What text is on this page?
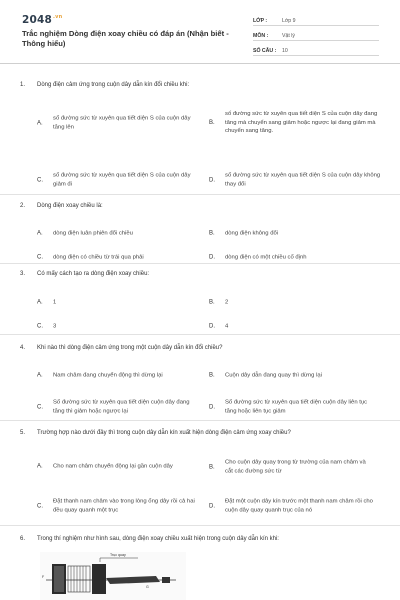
$2048^{.vn}$
Trắc nghiệm Dòng điện xoay chiều có đáp án (Nhận biết - Thông hiểu)
LỚP :	Lớp 9
MÔN :	Vật lý
SỐ CÂU :	10
1.	Dòng điện cảm ứng trong cuộn dây dẫn kín đổi chiều khi:
A.
số đường sức từ xuyên qua tiết diện S của cuộn dây tăng lên
B.
số đường sức từ xuyên qua tiết diện S của cuộn dây đang tăng mà chuyển sang giảm hoặc ngược lại đang giảm mà chuyển sang tăng.
C.
số đường sức từ xuyên qua tiết diện S của cuộn dây giảm đi
D.
số đường sức từ xuyên qua tiết diện S của cuộn dây không thay đổi
2.	Dòng điện xoay chiều là:
A.	dòng điện luân phiên đổi chiều	B.	dòng điện không đổi
C.	dòng điện có chiều từ trái qua phải	D.	dòng điện có một chiều cố định
3.	Có mấy cách tạo ra dòng điện xoay chiều:
A.	1	B.	2
C.	3	D.	4
4.	Khi nào thì dòng điện cảm ứng trong một cuộn dây dẫn kín đổi chiều?
A.	Nam châm đang chuyển động thì dừng lại	B.	Cuộn dây dẫn đang quay thì dừng lại
C.
Số đường sức từ xuyên qua tiết diện cuộn dây đang tăng thì giảm hoặc ngược lại
D.
Số đường sức từ xuyên qua tiết diện cuộn dây liên tục tăng hoặc liên tục giảm
5.	Trường hợp nào dưới đây thì trong cuộn dây dẫn kín xuất hiện dòng điện cảm ứng xoay chiều?
A.	Cho nam châm chuyển động lại gần cuộn dây	B.
Cho cuộn dây quay trong từ trường của nam châm và cắt các đường sức từ
C.
Đặt thanh nam châm vào trong lòng ống dây rồi cả hai đều quay quanh một trục
D.
Đặt một cuộn dây kín trước một thanh nam châm rồi cho cuộn dây quay quanh trục của nó
6.	Trong thí nghiệm như hình sau, dòng điện xoay chiều xuất hiện trong cuộn dây dẫn kín khi:
Trục quay
F
G
